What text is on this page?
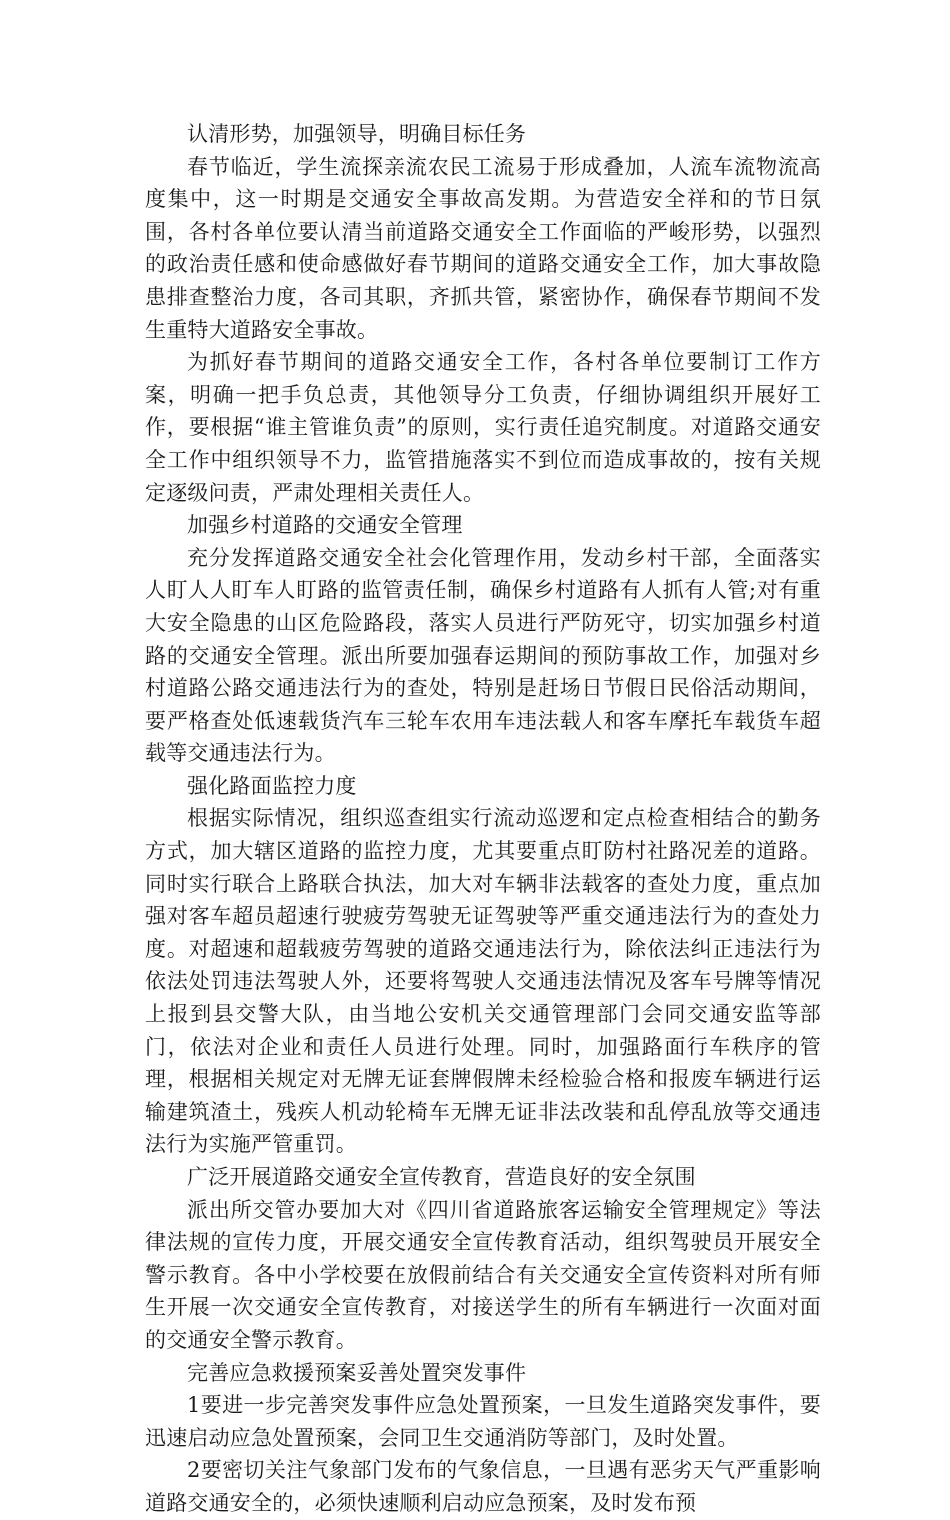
认清形势，加强领导，明确目标任务

春节临近，学生流探亲流农民工流易于形成叠加，人流车流物流高度集中，这一时期是交通安全事故高发期。为营造安全祥和的节日氛围，各村各单位要认清当前道路交通安全工作面临的严峻形势，以强烈的政治责任感和使命感做好春节期间的道路交通安全工作，加大事故隐患排查整治力度，各司其职，齐抓共管，紧密协作，确保春节期间不发生重特大道路安全事故。

为抓好春节期间的道路交通安全工作，各村各单位要制订工作方案，明确一把手负总责，其他领导分工负责，仔细协调组织开展好工作，要根据“谁主管谁负责”的原则，实行责任追究制度。对道路交通安全工作中组织领导不力，监管措施落实不到位而造成事故的，按有关规定逐级问责，严肃处理相关责任人。

加强乡村道路的交通安全管理

充分发挥道路交通安全社会化管理作用，发动乡村干部，全面落实人盯人人盯车人盯路的监管责任制，确保乡村道路有人抓有人管;对有重大安全隐患的山区危险路段，落实人员进行严防死守，切实加强乡村道路的交通安全管理。派出所要加强春运期间的预防事故工作，加强对乡村道路公路交通违法行为的查处，特别是赶场日节假日民俗活动期间，要严格查处低速载货汽车三轮车农用车违法载人和客车摩托车载货车超载等交通违法行为。

强化路面监控力度

根据实际情况，组织巡查组实行流动巡逻和定点检查相结合的勤务方式，加大辖区道路的监控力度，尤其要重点盯防村社路况差的道路。同时实行联合上路联合执法，加大对车辆非法载客的查处力度，重点加强对客车超员超速行驶疲劳驾驶无证驾驶等严重交通违法行为的查处力度。对超速和超载疲劳驾驶的道路交通违法行为，除依法纠正违法行为依法处罚违法驾驶人外，还要将驾驶人交通违法情况及客车号牌等情况上报到县交警大队，由当地公安机关交通管理部门会同交通安监等部门，依法对企业和责任人员进行处理。同时，加强路面行车秩序的管理，根据相关规定对无牌无证套牌假牌未经检验合格和报废车辆进行运输建筑渣土，残疾人机动轮椅车无牌无证非法改装和乱停乱放等交通违法行为实施严管重罚。

广泛开展道路交通安全宣传教育，营造良好的安全氛围

派出所交管办要加大对《四川省道路旅客运输安全管理规定》等法律法规的宣传力度，开展交通安全宣传教育活动，组织驾驶员开展安全警示教育。各中小学校要在放假前结合有关交通安全宣传资料对所有师生开展一次交通安全宣传教育，对接送学生的所有车辆进行一次面对面的交通安全警示教育。

完善应急救援预案妥善处置突发事件

1要进一步完善突发事件应急处置预案，一旦发生道路突发事件，要迅速启动应急处置预案，会同卫生交通消防等部门，及时处置。

2要密切关注气象部门发布的气象信息，一旦遇有恶劣天气严重影响道路交通安全的，必须快速顺利启动应急预案，及时发布预
